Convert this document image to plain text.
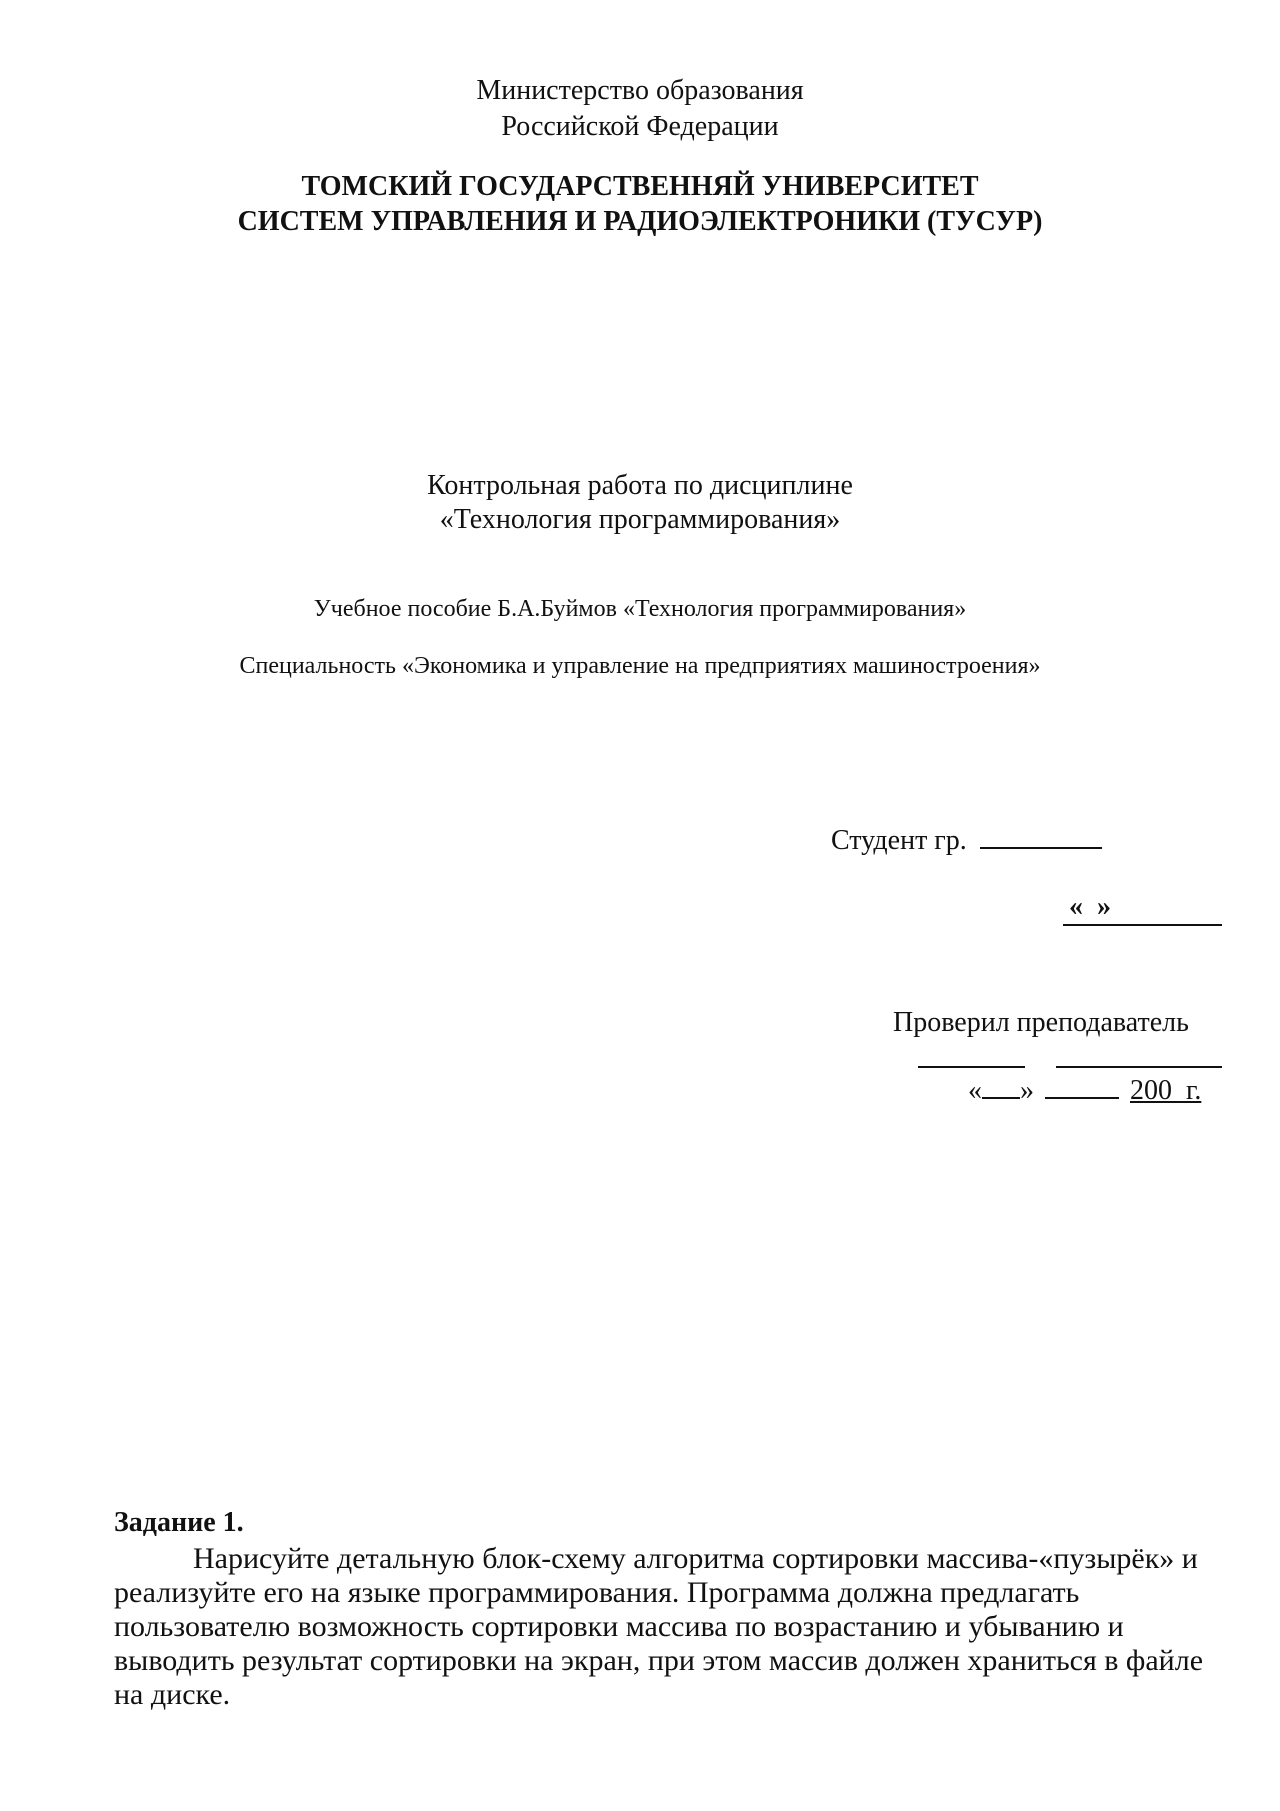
Министерство образования
Российской Федерации
ТОМСКИЙ ГОСУДАРСТВЕННЯЙ УНИВЕРСИТЕТ
СИСТЕМ УПРАВЛЕНИЯ И РАДИОЭЛЕКТРОНИКИ (ТУСУР)
Контрольная работа по дисциплине
«Технология программирования»
Учебное пособие Б.А.Буймов «Технология программирования»
Специальность «Экономика и управление на предприятиях машиностроения»
Студент гр.
«  »
Проверил преподаватель
« »	200  г.
Задание 1.
Нарисуйте детальную блок-схему алгоритма сортировки массива-«пузырёк» и реализуйте его на языке программирования. Программа должна предлагать пользователю возможность сортировки массива по возрастанию и убыванию и выводить результат сортировки на экран, при этом массив должен храниться в файле на диске.
